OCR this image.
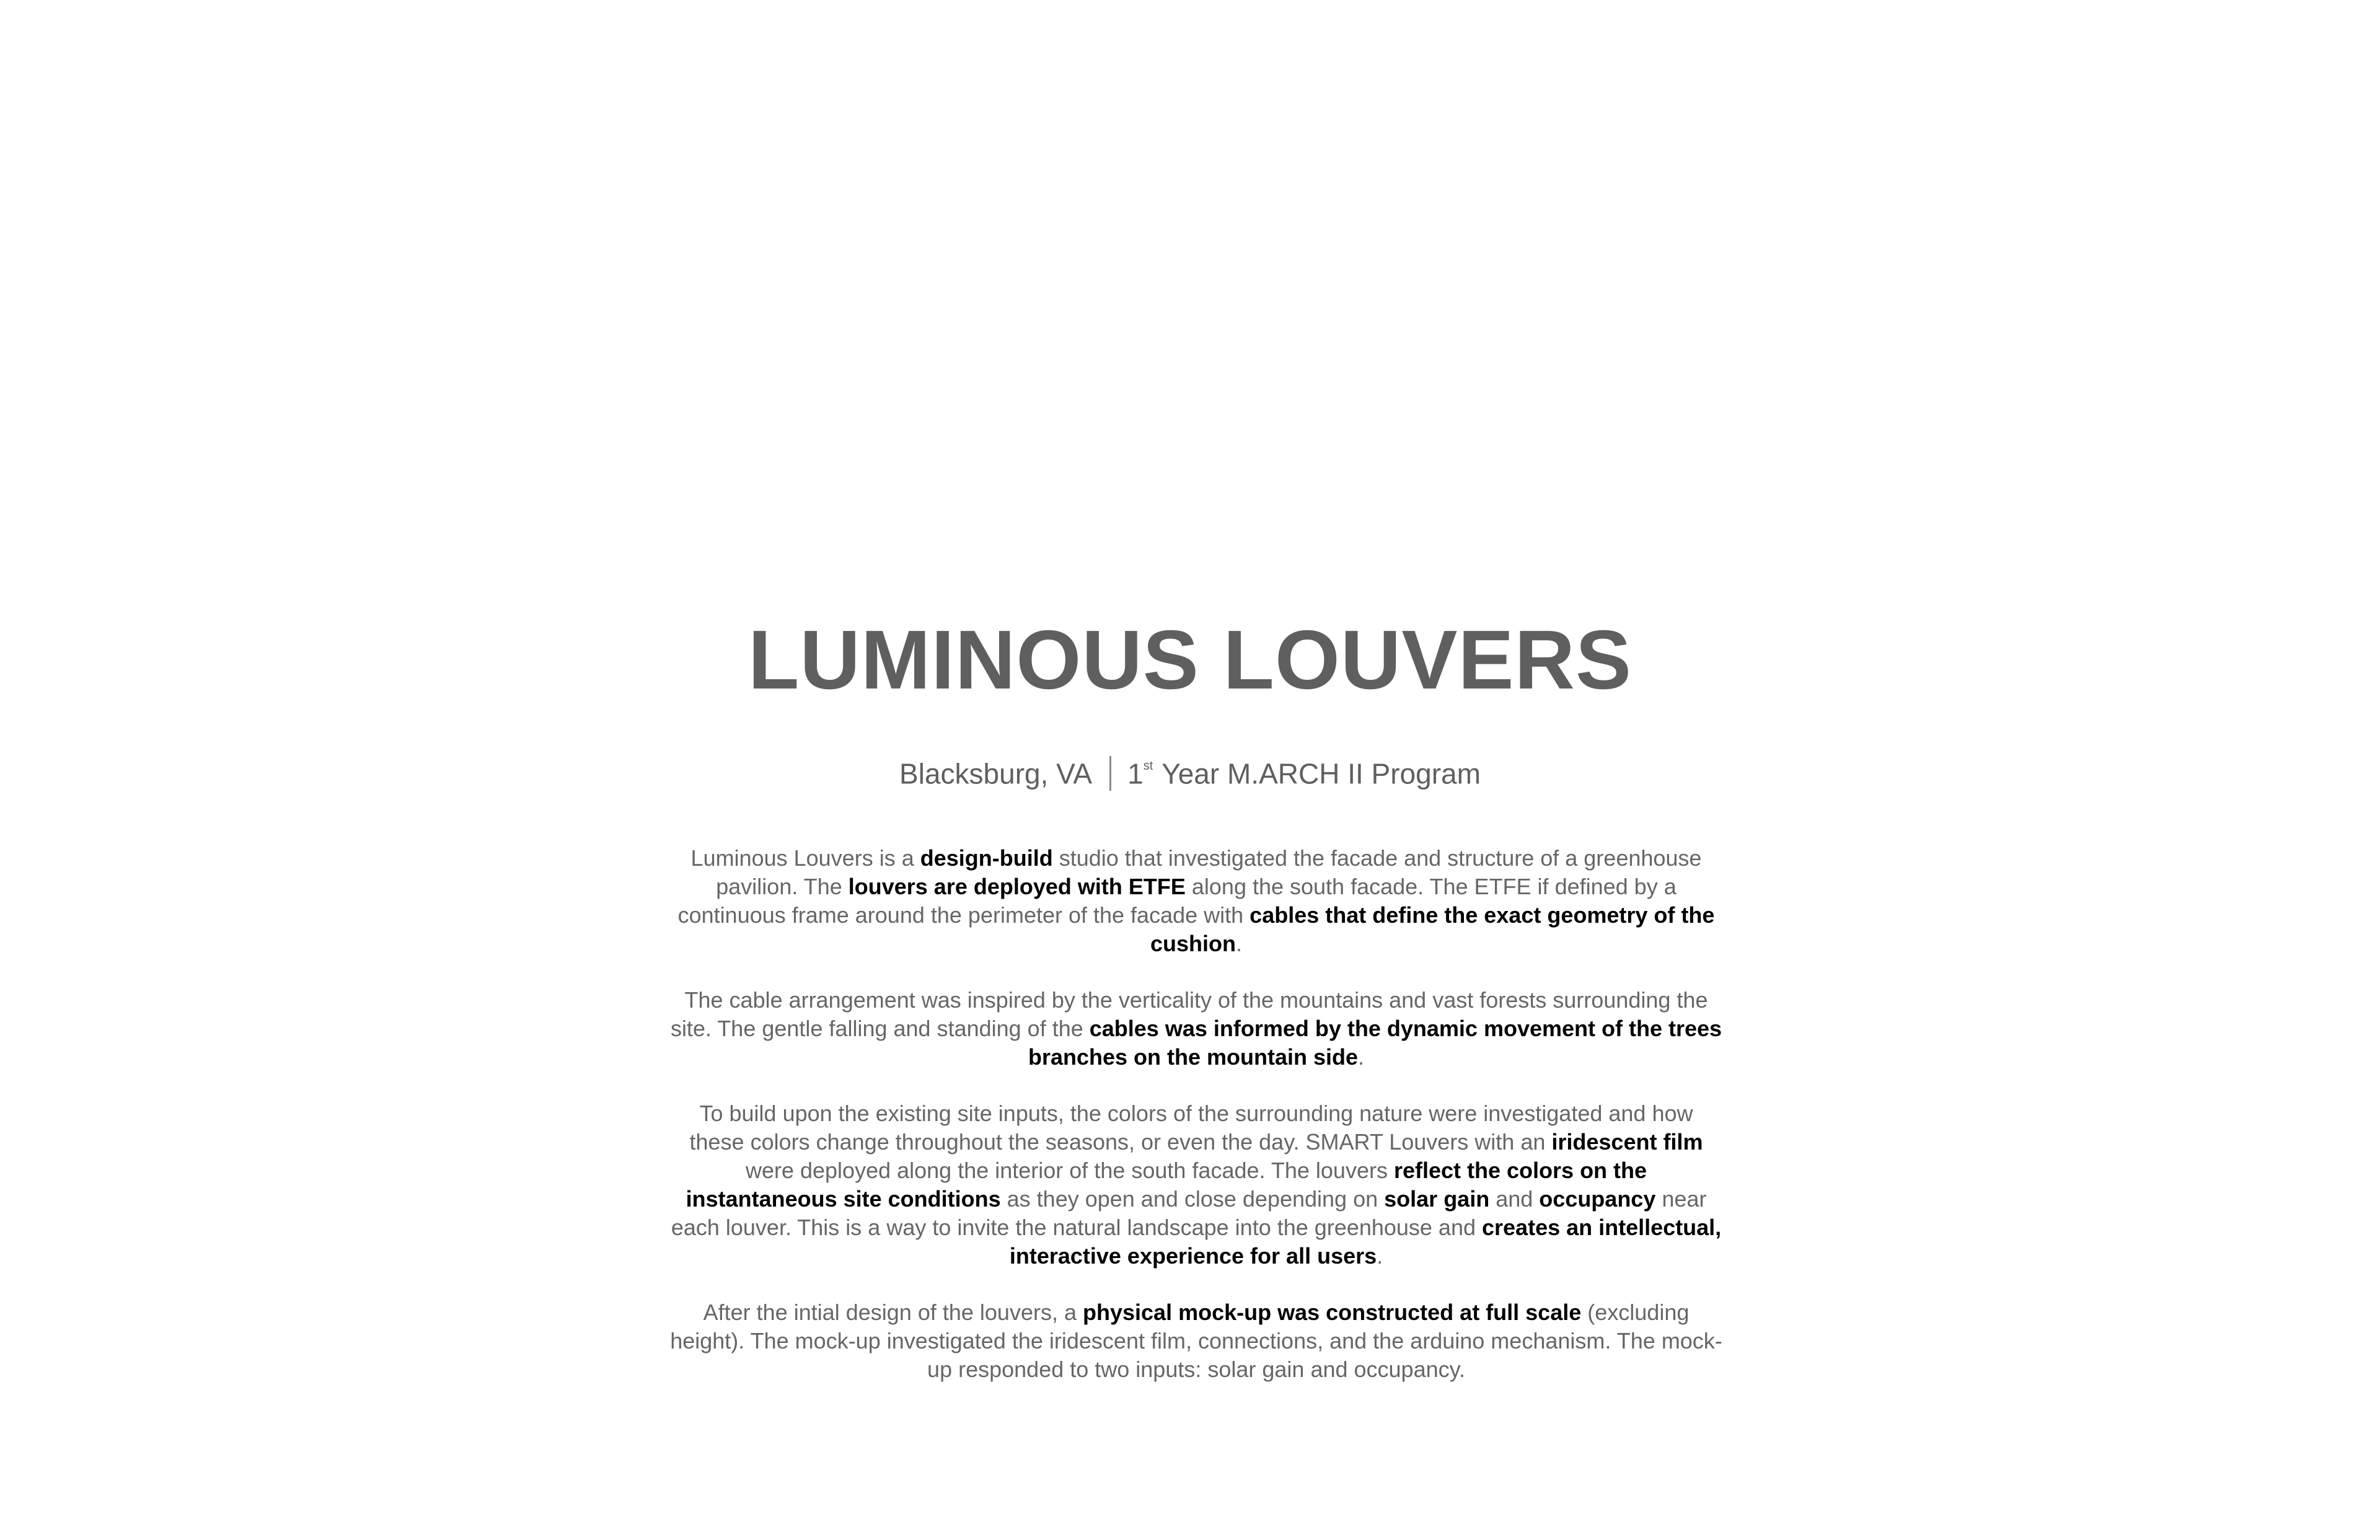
LUMINOUS LOUVERS
Blacksburg, VA 1st Year M.ARCH II Program

Luminous Louvers is a design-build studio that investigated the facade and structure of a greenhouse pavilion. The louvers are deployed with ETFE along the south facade. The ETFE if defined by a continuous frame around the perimeter of the facade with cables that define the exact geometry of the cushion.

The cable arrangement was inspired by the verticality of the mountains and vast forests surrounding the site. The gentle falling and standing of the cables was informed by the dynamic movement of the trees branches on the mountain side.

To build upon the existing site inputs, the colors of the surrounding nature were investigated and how these colors change throughout the seasons, or even the day. SMART Louvers with an iridescent film were deployed along the interior of the south facade. The louvers reflect the colors on the instantaneous site conditions as they open and close depending on solar gain and occupancy near each louver. This is a way to invite the natural landscape into the greenhouse and creates an intellectual, interactive experience for all users.

After the intial design of the louvers, a physical mock-up was constructed at full scale (excluding height). The mock-up investigated the iridescent film, connections, and the arduino mechanism. The mock-up responded to two inputs: solar gain and occupancy.
